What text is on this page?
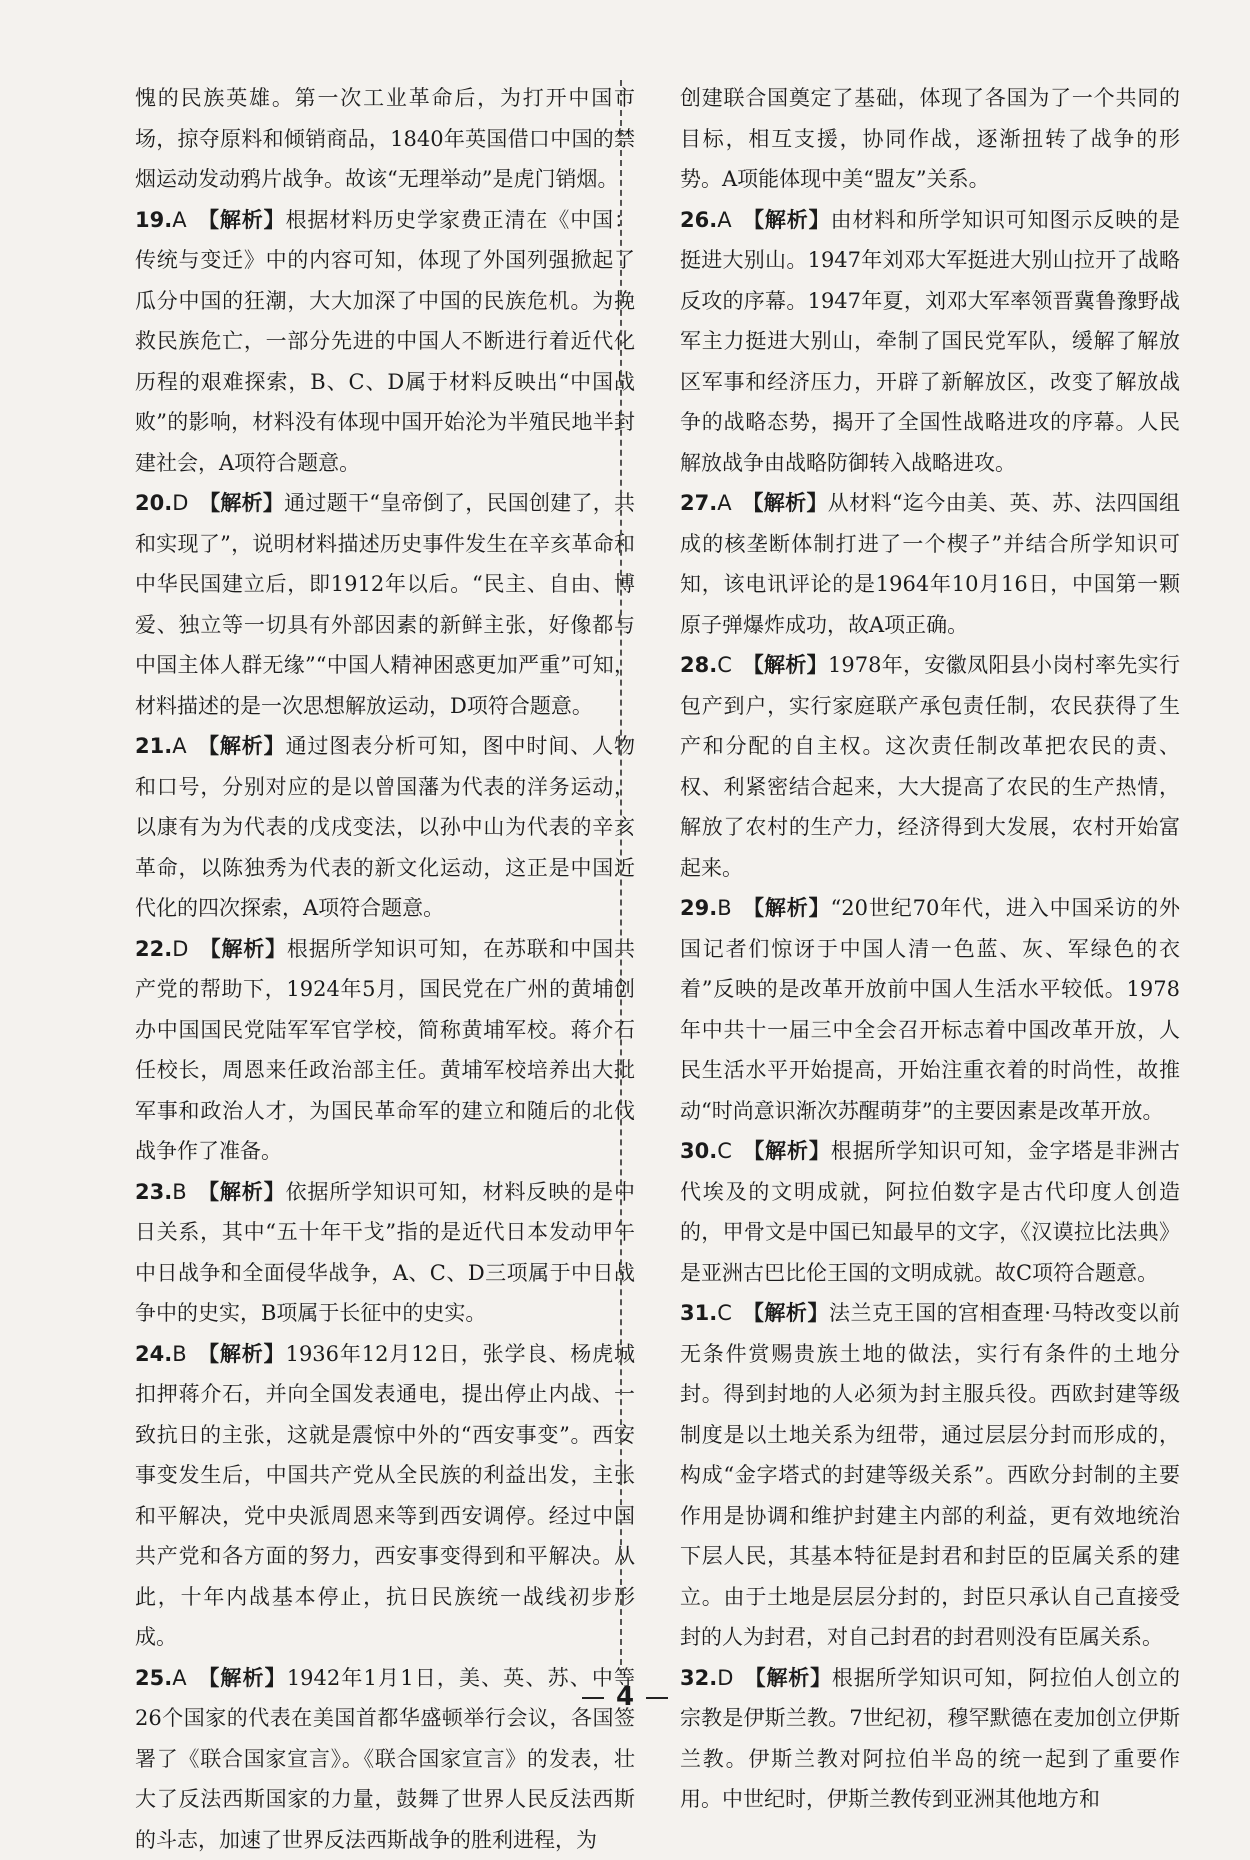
愧的民族英雄。第一次工业革命后，为打开中国市场，掠夺原料和倾销商品，1840年英国借口中国的禁烟运动发动鸦片战争。故该“无理举动”是虎门销烟。

19.A  【解析】根据材料历史学家费正清在《中国：传统与变迁》中的内容可知，体现了外国列强掀起了瓜分中国的狂潮，大大加深了中国的民族危机。为挽救民族危亡，一部分先进的中国人不断进行着近代化历程的艰难探索，B、C、D属于材料反映出“中国战败”的影响，材料没有体现中国开始沦为半殖民地半封建社会，A项符合题意。

20.D  【解析】通过题干“皇帝倒了，民国创建了，共和实现了”，说明材料描述历史事件发生在辛亥革命和中华民国建立后，即1912年以后。“民主、自由、博爱、独立等一切具有外部因素的新鲜主张，好像都与中国主体人群无缘”“中国人精神困惑更加严重”可知，材料描述的是一次思想解放运动，D项符合题意。

21.A  【解析】通过图表分析可知，图中时间、人物和口号，分别对应的是以曾国藩为代表的洋务运动，以康有为为代表的戊戌变法，以孙中山为代表的辛亥革命，以陈独秀为代表的新文化运动，这正是中国近代化的四次探索，A项符合题意。

22.D  【解析】根据所学知识可知，在苏联和中国共产党的帮助下，1924年5月，国民党在广州的黄埔创办中国国民党陆军军官学校，简称黄埔军校。蒋介石任校长，周恩来任政治部主任。黄埔军校培养出大批军事和政治人才，为国民革命军的建立和随后的北伐战争作了准备。

23.B  【解析】依据所学知识可知，材料反映的是中日关系，其中“五十年干戈”指的是近代日本发动甲午中日战争和全面侵华战争，A、C、D三项属于中日战争中的史实，B项属于长征中的史实。

24.B  【解析】1936年12月12日，张学良、杨虎城扣押蒋介石，并向全国发表通电，提出停止内战、一致抗日的主张，这就是震惊中外的“西安事变”。西安事变发生后，中国共产党从全民族的利益出发，主张和平解决，党中央派周恩来等到西安调停。经过中国共产党和各方面的努力，西安事变得到和平解决。从此，十年内战基本停止，抗日民族统一战线初步形成。

25.A  【解析】1942年1月1日，美、英、苏、中等26个国家的代表在美国首都华盛顿举行会议，各国签署了《联合国家宣言》。《联合国家宣言》的发表，壮大了反法西斯国家的力量，鼓舞了世界人民反法西斯的斗志，加速了世界反法西斯战争的胜利进程，为

创建联合国奠定了基础，体现了各国为了一个共同的目标，相互支援，协同作战，逐渐扭转了战争的形势。A项能体现中美“盟友”关系。

26.A  【解析】由材料和所学知识可知图示反映的是挺进大别山。1947年刘邓大军挺进大别山拉开了战略反攻的序幕。1947年夏，刘邓大军率领晋冀鲁豫野战军主力挺进大别山，牵制了国民党军队，缓解了解放区军事和经济压力，开辟了新解放区，改变了解放战争的战略态势，揭开了全国性战略进攻的序幕。人民解放战争由战略防御转入战略进攻。

27.A  【解析】从材料“迄今由美、英、苏、法四国组成的核垄断体制打进了一个楔子”并结合所学知识可知，该电讯评论的是1964年10月16日，中国第一颗原子弹爆炸成功，故A项正确。

28.C  【解析】1978年，安徽凤阳县小岗村率先实行包产到户，实行家庭联产承包责任制，农民获得了生产和分配的自主权。这次责任制改革把农民的责、权、利紧密结合起来，大大提高了农民的生产热情，解放了农村的生产力，经济得到大发展，农村开始富起来。

29.B  【解析】“20世纪70年代，进入中国采访的外国记者们惊讶于中国人清一色蓝、灰、军绿色的衣着”反映的是改革开放前中国人生活水平较低。1978年中共十一届三中全会召开标志着中国改革开放，人民生活水平开始提高，开始注重衣着的时尚性，故推动“时尚意识渐次苏醒萌芽”的主要因素是改革开放。

30.C  【解析】根据所学知识可知，金字塔是非洲古代埃及的文明成就，阿拉伯数字是古代印度人创造的，甲骨文是中国已知最早的文字，《汉谟拉比法典》是亚洲古巴比伦王国的文明成就。故C项符合题意。

31.C  【解析】法兰克王国的宫相查理·马特改变以前无条件赏赐贵族土地的做法，实行有条件的土地分封。得到封地的人必须为封主服兵役。西欧封建等级制度是以土地关系为纽带，通过层层分封而形成的，构成“金字塔式的封建等级关系”。西欧分封制的主要作用是协调和维护封建主内部的利益，更有效地统治下层人民，其基本特征是封君和封臣的臣属关系的建立。由于土地是层层分封的，封臣只承认自己直接受封的人为封君，对自己封君的封君则没有臣属关系。

32.D  【解析】根据所学知识可知，阿拉伯人创立的宗教是伊斯兰教。7世纪初，穆罕默德在麦加创立伊斯兰教。伊斯兰教对阿拉伯半岛的统一起到了重要作用。中世纪时，伊斯兰教传到亚洲其他地方和

4
